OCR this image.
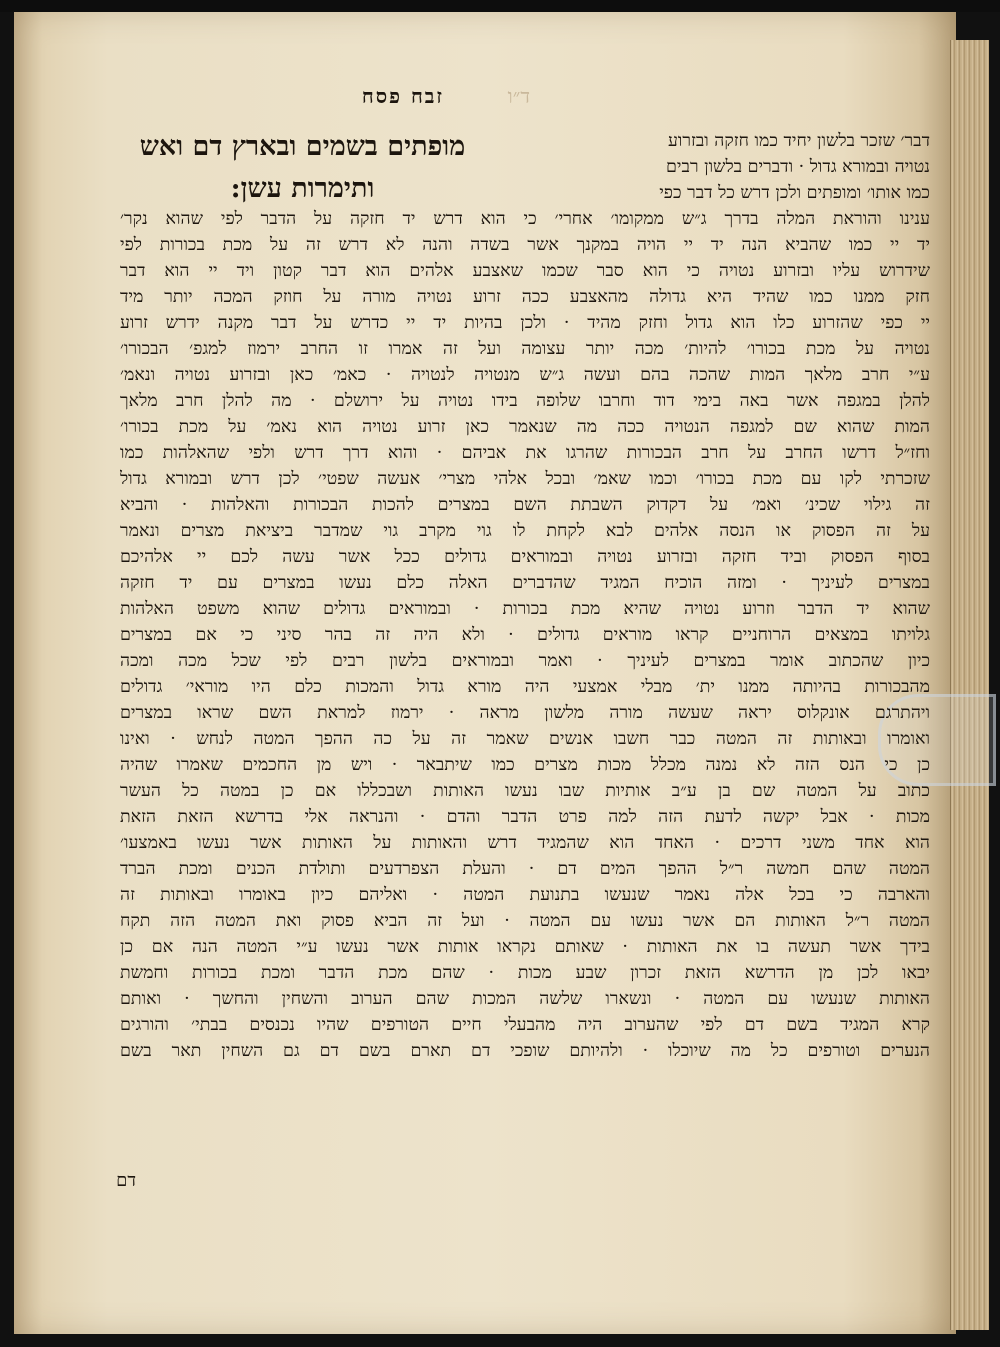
זבח פסח	ד״ו
מופתים בשמים ובארץ דם ואש ותימרות עשן:
דבר׳ שזכר בלשון יחיד כמו חזקה ובזרוע
נטויה ובמורא גדול · ודברים בלשון רבים
כמו אותו׳ ומופתים ולכן דרש כל דבר כפי
ענינו והוראת המלה בדרך ג״ש ממקומו׳ אחרי׳ כי הוא דרש יד חזקה על הדבר לפי שהוא נקר׳
יד יי כמו שהביא הנה יד יי הויה במקנך אשר בשדה והנה לא דרש זה על מכת בכורות לפי
שידרוש עליו ובזרוע נטויה כי הוא סבר שכמו שאצבע אלהים הוא דבר קטון ויד יי הוא דבר
חזק ממנו כמו שהיד היא גדולה מהאצבע ככה זרוע נטויה מורה על חוזק המכה יותר מיד
יי כפי שהזרוע כלו הוא גדול וחזק מהיד · ולכן בהיות יד יי כדרש על דבר מקנה ידרש זרוע
נטויה על מכת בכורו׳ להיות׳ מכה יותר עצומה ועל זה אמרו זו החרב ירמוז למגפ׳ הבכורו׳
ע״י חרב מלאך המות שהכה בהם ועשה ג״ש מנטויה לנטויה · כאמ׳ כאן ובזרוע נטויה ונאמ׳
להלן במגפה אשר באה בימי דוד וחרבו שלופה בידו נטויה על ירושלם · מה להלן חרב מלאך
המות שהוא שם למגפה הנטויה ככה מה שנאמר כאן זרוע נטויה הוא נאמ׳ על מכת בכורו׳
וחז״ל דרשו החרב על חרב הבכורות שהרגו את אביהם · והוא דרך דרש ולפי שהאלהות כמו
שזכרתי לקו עם מכת בכורו׳ וכמו שאמ׳ ובכל אלהי מצרי׳ אעשה שפטי׳ לכן דרש ובמורא גדול
זה גילוי שכינ׳ ואמ׳ על דקדוק השבתת השם במצרים להכות הבכורות והאלהות · והביא
על זה הפסוק או הנסה אלהים לבא לקחת לו גוי מקרב גוי שמדבר ביציאת מצרים ונאמר
בסוף הפסוק וביד חזקה ובזרוע נטויה ובמוראים גדולים ככל אשר עשה לכם יי אלהיכם
במצרים לעיניך · ומזה הוכיח המגיד שהדברים האלה כלם נעשו במצרים עם יד חזקה
שהוא יד הדבר וזרוע נטויה שהיא מכת בכורות · ובמוראים גדולים שהוא משפט האלהות
גלויתו במצאים הרוחניים קראו מוראים גדולים · ולא היה זה בהר סיני כי אם במצרים
כיון שהכתוב אומר במצרים לעיניך · ואמר ובמוראים בלשון רבים לפי שכל מכה ומכה
מהבכורות בהיותה ממנו ית׳ מבלי אמצעי היה מורא גדול והמכות כלם היו מוראי׳ גדולים
ויהתרגם אונקלוס יראה שעשה מורה מלשון מראה · ירמוז למראת השם שראו במצרים
ואומרו ובאותות זה המטה כבר חשבו אנשים שאמר זה על כה ההפך המטה לנחש · ואינו
כן כי הנס הזה לא נמנה מכלל מכות מצרים כמו שיתבאר · ויש מן החכמים שאמרו שהיה
כתוב על המטה שם בן ע״ב אותיות שבו נעשו האותות ושבכללו אם כן במטה כל העשר
מכות · אבל יקשה לדעת הזה למה פרט הדבר והדם · והנראה אלי בדרשא הזאת הזאת
הוא אחד משני דרכים · האחד הוא שהמגיד דרש והאותות על האותות אשר נעשו באמצעו׳
המטה שהם חמשה ר״ל ההפך המים דם · והעלת הצפרדעים ותולדת הכנים ומכת הברד
והארבה כי בכל אלה נאמר שנעשו בתנועת המטה · ואליהם כיון באומרו ובאותות זה
המטה ר״ל האותות הם אשר נעשו עם המטה · ועל זה הביא פסוק ואת המטה הזה תקח
בידך אשר תעשה בו את האותות · שאותם נקראו אותות אשר נעשו ע״י המטה הנה אם כן
יבאו לכן מן הדרשא הזאת זכרון שבע מכות · שהם מכת הדבר ומכת בכורות וחמשת
האותות שנעשו עם המטה · ונשארו שלשה המכות שהם הערוב והשחין והחשך · ואותם
קרא המגיד בשם דם לפי שהערוב היה מהבעלי חיים הטורפים שהיו נכנסים בבתי׳ והורגים
הנערים וטורפים כל מה שיוכלו · ולהיותם שופכי דם תארם בשם דם גם השחין תאר בשם
דם
